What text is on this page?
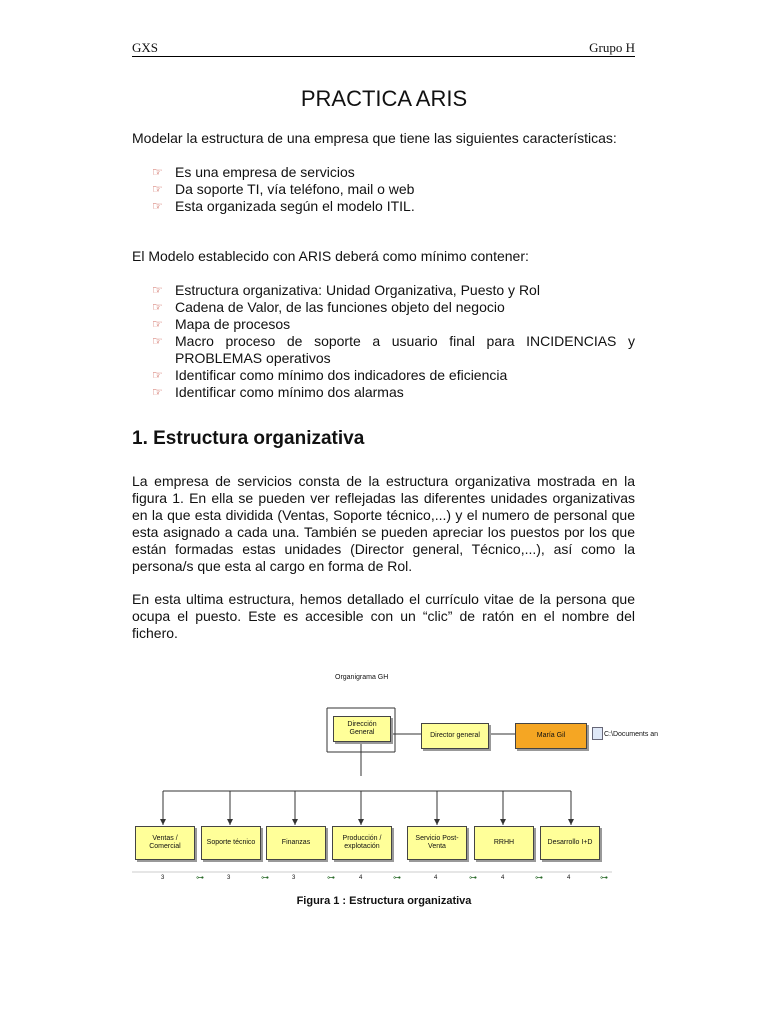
GXS	Grupo H
PRACTICA ARIS
Modelar la estructura de una empresa que tiene las siguientes características:
☞ Es una empresa de servicios
☞ Da soporte TI, vía teléfono, mail o web
☞ Esta organizada según el modelo ITIL.
El Modelo establecido con ARIS deberá como mínimo contener:
☞ Estructura organizativa: Unidad Organizativa, Puesto y Rol
☞ Cadena de Valor, de las funciones objeto del negocio
☞ Mapa de procesos
☞ Macro proceso de soporte a usuario final para INCIDENCIAS y PROBLEMAS operativos
☞ Identificar como mínimo dos indicadores de eficiencia
☞ Identificar como mínimo dos alarmas
1. Estructura organizativa
La empresa de servicios consta de la estructura organizativa mostrada en la figura 1. En ella se pueden ver reflejadas las diferentes unidades organizativas en la que esta dividida (Ventas, Soporte técnico,...) y el numero de personal que esta asignado a cada una. También se pueden apreciar los puestos por los que están formadas estas unidades (Director general, Técnico,...), así como la persona/s que esta al cargo en forma de Rol.
En esta ultima estructura, hemos detallado el currículo vitae de la persona que ocupa el puesto. Este es accesible con un “clic” de ratón en el nombre del fichero.
Organigrama GH
Dirección General	Director general	María Gil	C:\Documents an
Ventas / Comercial
Soporte técnico	Finanzas
Producción / explotación
Servicio Post-Venta
RRHH	Desarrollo I+D
3	3	3	4	4	4	4
⊶	⊶	⊶	⊶	⊶	⊶	⊶
Figura 1 : Estructura organizativa
